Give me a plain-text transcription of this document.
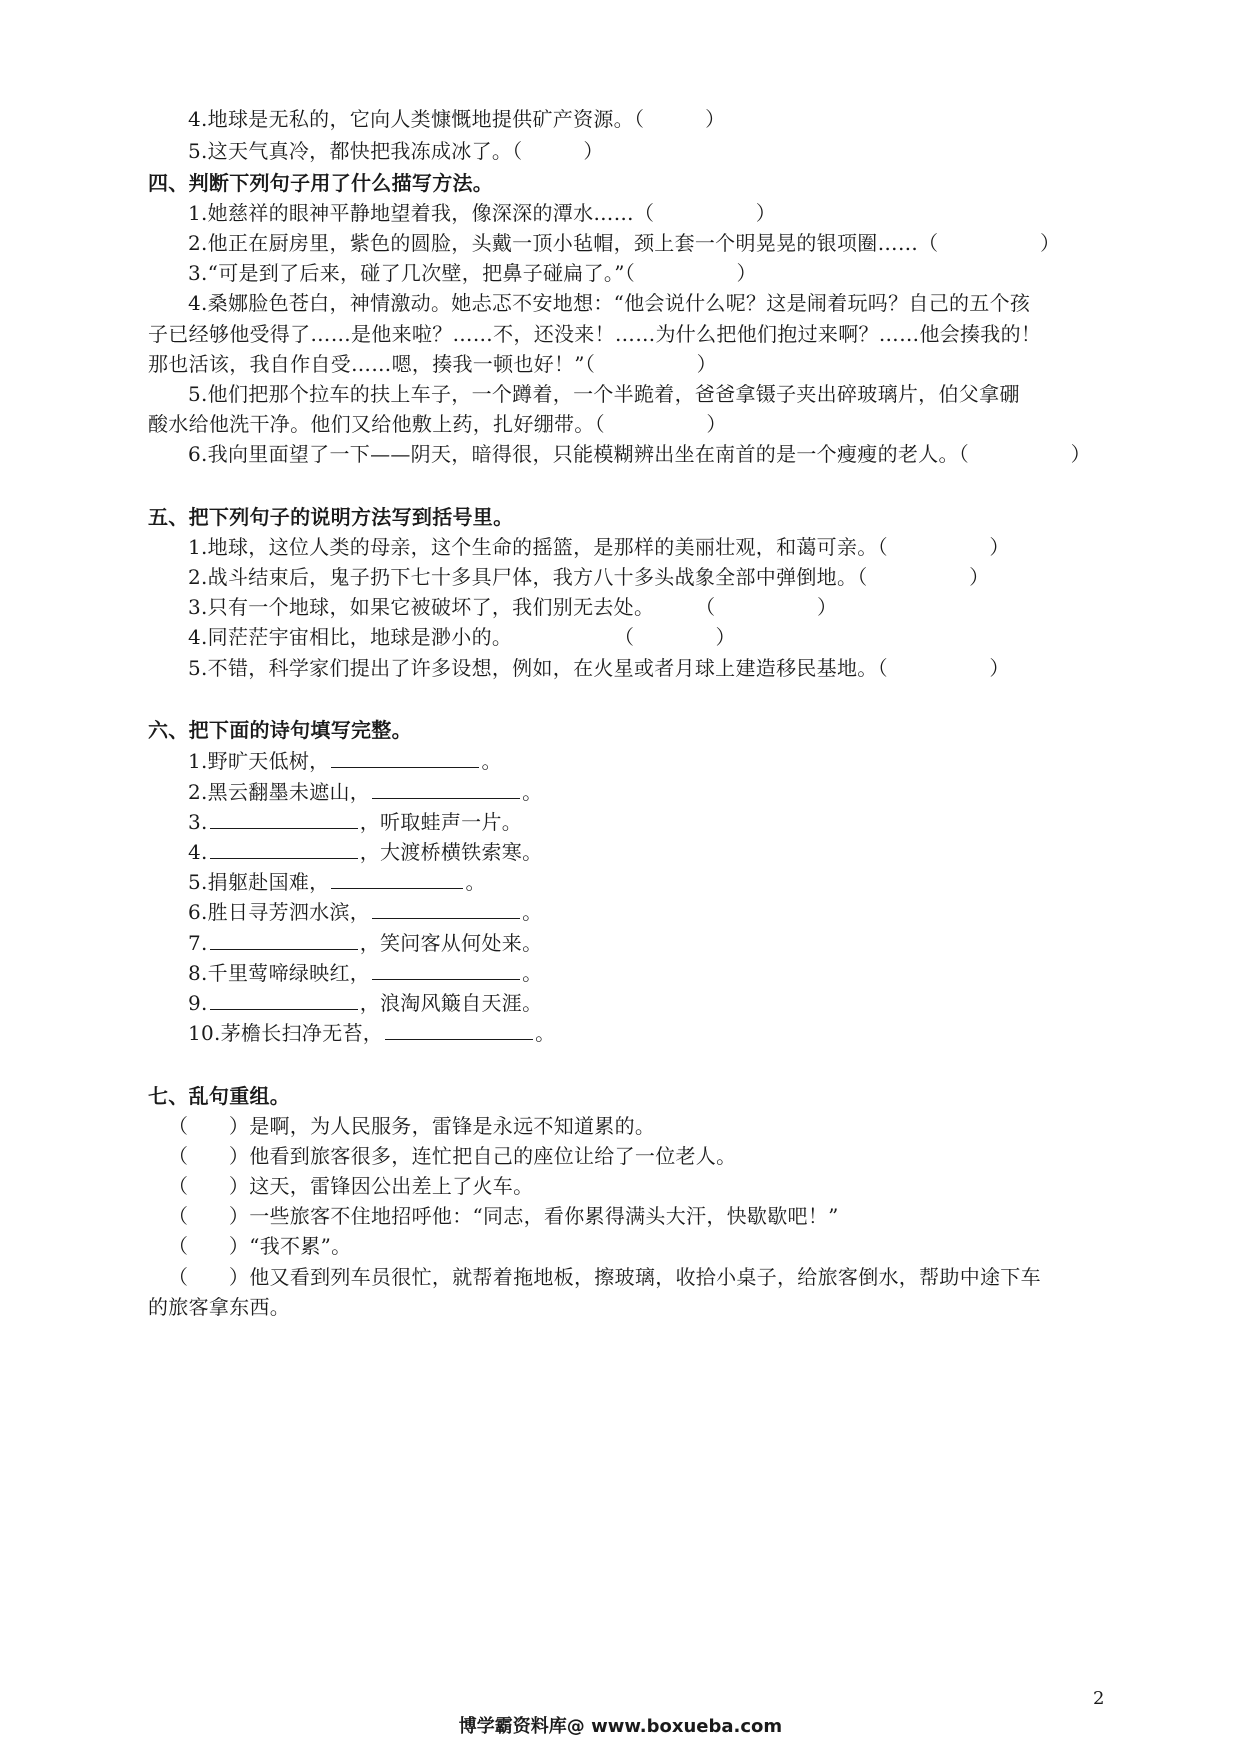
4.地球是无私的，它向人类慷慨地提供矿产资源。（　　　）
5.这天气真冷，都快把我冻成冰了。（　　　）
四、判断下列句子用了什么描写方法。
1.她慈祥的眼神平静地望着我，像深深的潭水……（　　　　　）
2.他正在厨房里，紫色的圆脸，头戴一顶小毡帽，颈上套一个明晃晃的银项圈……（　　　　　）
3.“可是到了后来，碰了几次壁，把鼻子碰扁了。”（　　　　　）
4.桑娜脸色苍白，神情激动。她忐忑不安地想：“他会说什么呢？这是闹着玩吗？自己的五个孩
子已经够他受得了……是他来啦？……不，还没来！……为什么把他们抱过来啊？……他会揍我的！
那也活该，我自作自受……嗯，揍我一顿也好！”（　　　　　）
5.他们把那个拉车的扶上车子，一个蹲着，一个半跪着，爸爸拿镊子夹出碎玻璃片，伯父拿硼
酸水给他洗干净。他们又给他敷上药，扎好绷带。（　　　　　）
6.我向里面望了一下——阴天，暗得很，只能模糊辨出坐在南首的是一个瘦瘦的老人。（　　　　　）
五、把下列句子的说明方法写到括号里。
1.地球，这位人类的母亲，这个生命的摇篮，是那样的美丽壮观，和蔼可亲。（　　　　　）
2.战斗结束后，鬼子扔下七十多具尸体，我方八十多头战象全部中弹倒地。（　　　　　）
3.只有一个地球，如果它被破坏了，我们别无去处。　　　（　　　　　）
4.同茫茫宇宙相比，地球是渺小的。　　　　　　（　　　　）
5.不错，科学家们提出了许多设想，例如，在火星或者月球上建造移民基地。（　　　　　）
六、把下面的诗句填写完整。
1.野旷天低树，	。
2.黑云翻墨未遮山，	。
3.	，听取蛙声一片。
4.	，大渡桥横铁索寒。
5.捐躯赴国难，	。
6.胜日寻芳泗水滨，	。
7.	，笑问客从何处来。
8.千里莺啼绿映红，	。
9.	，浪淘风簸自天涯。
10.茅檐长扫净无苔，	。
七、乱句重组。
（　　）是啊，为人民服务，雷锋是永远不知道累的。
（　　）他看到旅客很多，连忙把自己的座位让给了一位老人。
（　　）这天，雷锋因公出差上了火车。
（　　）一些旅客不住地招呼他：“同志，看你累得满头大汗，快歇歇吧！”
（　　）“我不累”。
（　　）他又看到列车员很忙，就帮着拖地板，擦玻璃，收拾小桌子，给旅客倒水，帮助中途下车
的旅客拿东西。
2
博学霸资料库@ www.boxueba.com
